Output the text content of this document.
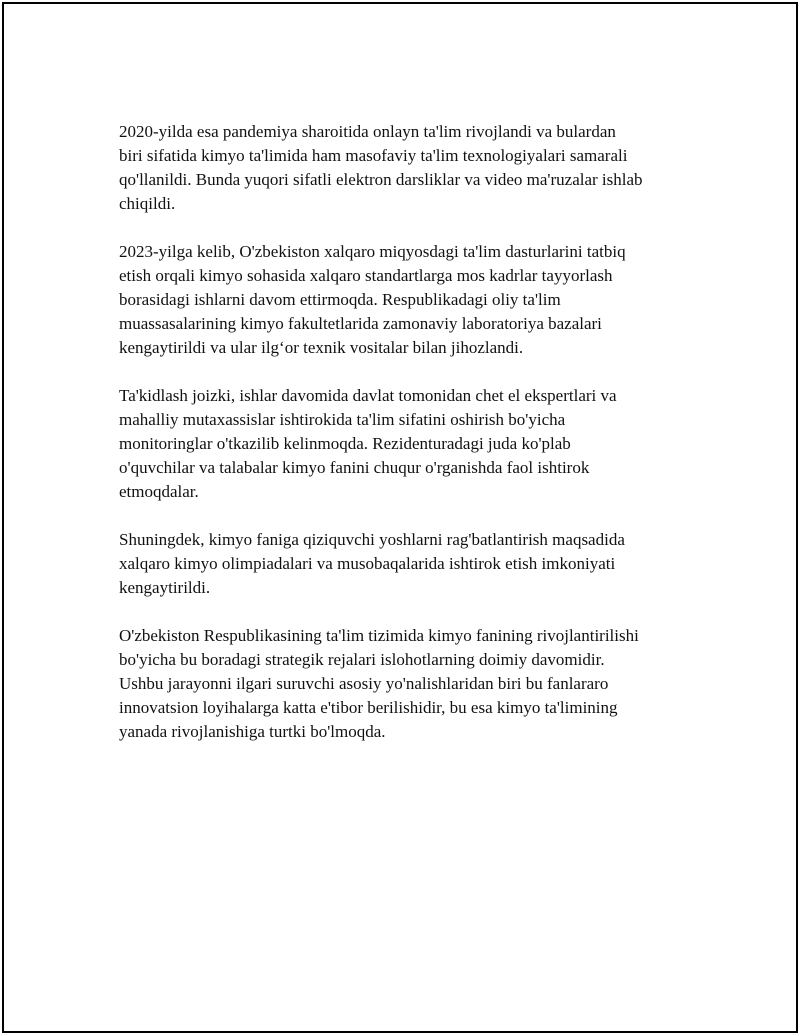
2020-yilda esa pandemiya sharoitida onlayn ta'lim rivojlandi va bulardan
biri sifatida kimyo ta'limida ham masofaviy ta'lim texnologiyalari samarali
qo'llanildi. Bunda yuqori sifatli elektron darsliklar va video ma'ruzalar ishlab
chiqildi.
2023-yilga kelib, O'zbekiston xalqaro miqyosdagi ta'lim dasturlarini tatbiq
etish orqali kimyo sohasida xalqaro standartlarga mos kadrlar tayyorlash
borasidagi ishlarni davom ettirmoqda. Respublikadagi oliy ta'lim
muassasalarining kimyo fakultetlarida zamonaviy laboratoriya bazalari
kengaytirildi va ular ilg‘or texnik vositalar bilan jihozlandi.
Ta'kidlash joizki, ishlar davomida davlat tomonidan chet el ekspertlari va
mahalliy mutaxassislar ishtirokida ta'lim sifatini oshirish bo'yicha
monitoringlar o'tkazilib kelinmoqda. Rezidenturadagi juda ko'plab
o'quvchilar va talabalar kimyo fanini chuqur o'rganishda faol ishtirok
etmoqdalar.
Shuningdek, kimyo faniga qiziquvchi yoshlarni rag'batlantirish maqsadida
xalqaro kimyo olimpiadalari va musobaqalarida ishtirok etish imkoniyati
kengaytirildi.
O'zbekiston Respublikasining ta'lim tizimida kimyo fanining rivojlantirilishi
bo'yicha bu boradagi strategik rejalari islohotlarning doimiy davomidir.
Ushbu jarayonni ilgari suruvchi asosiy yo'nalishlaridan biri bu fanlararo
innovatsion loyihalarga katta e'tibor berilishidir, bu esa kimyo ta'limining
yanada rivojlanishiga turtki bo'lmoqda.
